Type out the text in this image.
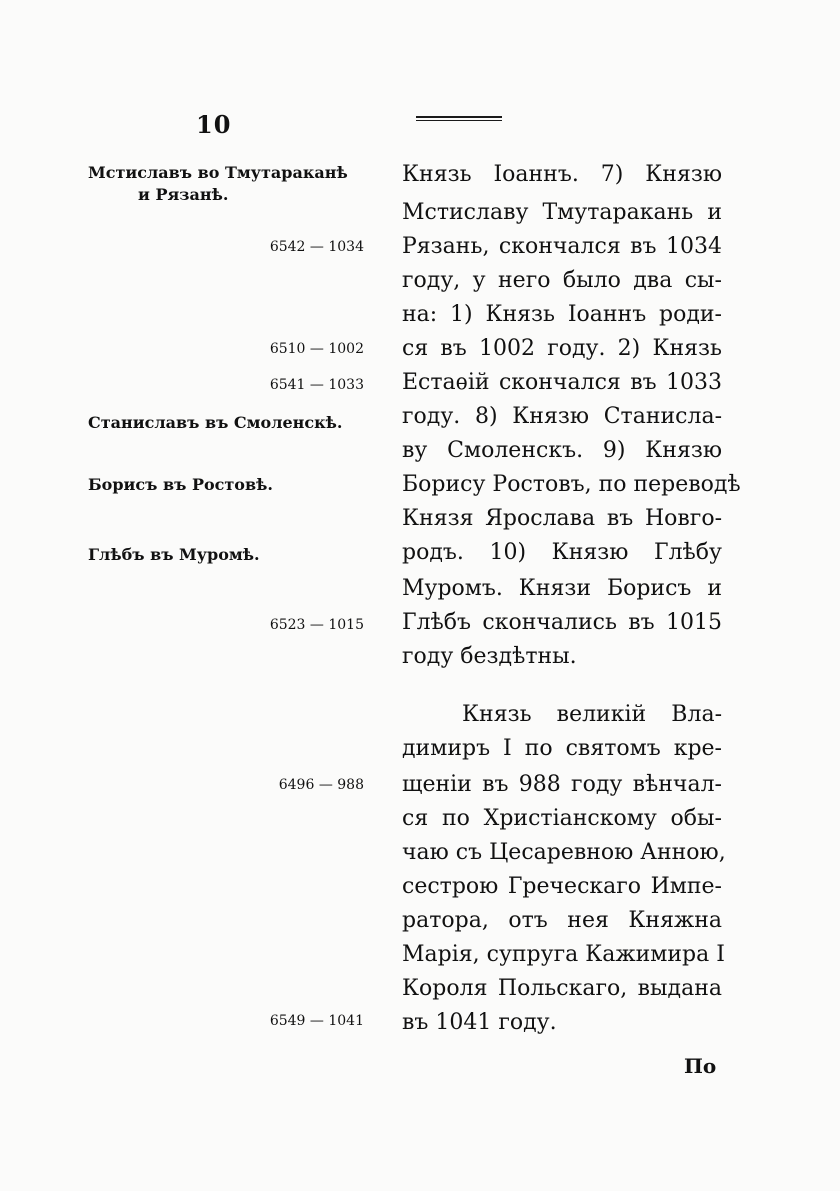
10
Мстиславъ во Тмутараканѣ
и Рязанѣ.
Станиславъ въ Смоленскѣ.
Борисъ въ Ростовѣ.
Глѣбъ въ Муромѣ.
6542 — 1034
6510 — 1002
6541 — 1033
6523 — 1015
6496 — 988
6549 — 1041
Князь Іоаннъ. 7) Князю
Мстиславу Тмутаракань и
Рязань, скончался въ 1034
году, у него было два сы-
на: 1) Князь Іоаннъ роди-
ся въ 1002 году. 2) Князь
Естаѳій скончался въ 1033
году. 8) Князю Станисла-
ву Смоленскъ. 9) Князю
Борису Ростовъ, по переводѣ
Князя Ярослава въ Новго-
родъ. 10) Князю Глѣбу
Муромъ. Князи Борисъ и
Глѣбъ скончались въ 1015
году бездѣтны.
Князь великій Вла-
димиръ I по святомъ кре-
щеніи въ 988 году вѣнчал-
ся по Христіанскому обы-
чаю съ Цесаревною Анною,
сестрою Греческаго Импе-
ратора, отъ нея Княжна
Марія, супруга Кажимира I
Короля Польскаго, выдана
въ 1041 году.
По
